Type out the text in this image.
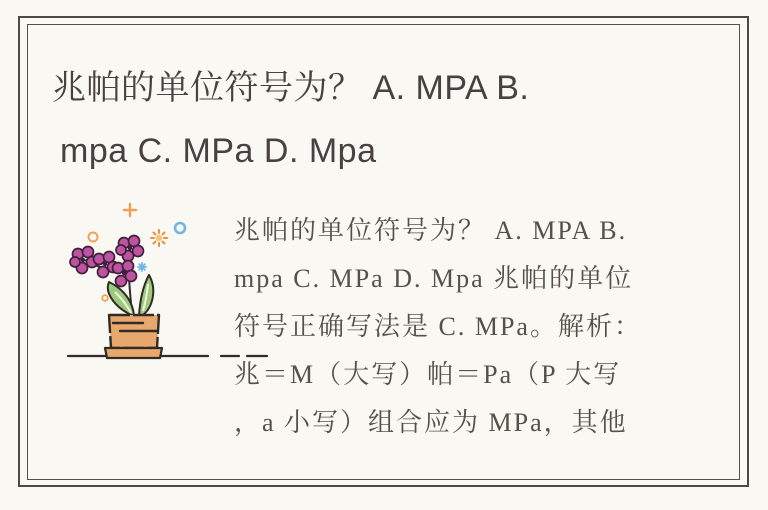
兆帕的单位符号为？ A. MPA B.
mpa C. MPa D. Mpa
兆帕的单位符号为？ A. MPA B.
mpa C. MPa D. Mpa 兆帕的单位
符号正确写法是 C. MPa。解析：
兆＝M（大写）帕＝Pa（P 大写
，a 小写）组合应为 MPa，其他
